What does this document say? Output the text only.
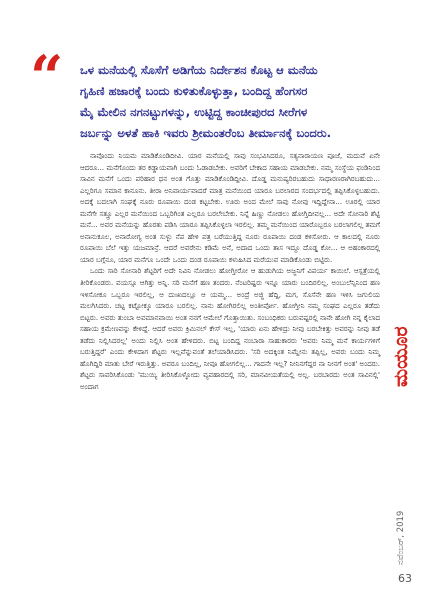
“ ಒಳ ಮನೆಯಲ್ಲಿ ಸೊಸೆಗೆ ಅಡಿಗೆಯ ನಿರ್ದೇಶನ ಕೊಟ್ಟ ಆ ಮನೆಯ

ಗೃಹಿಣಿ ಹಜಾರಕ್ಕೆ ಬಂದು ಕುಳಿತುಕೊಳ್ಳುತ್ತಾ, ಬಂದಿದ್ದ ಹೆಂಗಸರ

ಮೈ ಮೇಲಿನ ನಗನಟ್ಟುಗಳನ್ನು, ಉಟ್ಟಿದ್ದ ಕಾಂಚೀಪುರದ ಸೀರೆಗಳ

ಜರ್ಬನ್ನು ಅಳತೆ ಹಾಕಿ ಇವರು ಶ್ರೀಮಂತರೆಂಬ ತೀರ್ಮಾನಕ್ಕೆ ಬಂದರು.

ನಾವೊಂದು ನಿಯಮ ಮಾಡಿಕೊಂಡಿದೀವಿ. ಯಾರ ಮನೆಯಲ್ಲಿ ಸಾವು ಸಂಭವಿಸಿದರೂ, ಸತ್ಯನಾರಾಯಣ ಪೂಜೆ, ಮದುವೆ ಏನೇ ಆದರೂ... ಮನೆಗೊಂದು ತರ ಕಡ್ಡಾಯವಾಗಿ ಬಂದು ಓಡಾಡಬೇಕು. ಅವರಿಗೆ ಬೇಕಾದ ಸಹಾಯ ಮಾಡಬೇಕು. ನಮ್ಮ ಸಂಸ್ಥೆಯ ಫಂಡಿನಿಂದ ಸಾವಿನ ಮನೆಗೆ ಒಂದು ಪರಿಹಾರ ಧನ ಅಂತ ಗೊತ್ತು ಮಾಡಿಕೊಂಡಿದ್ದೀವಿ. ದೊಡ್ಡ ಮನುಷ್ಯರಿರಬಹುದು ಸಾಧಾರಣರಾಗಿರಬಹುದು... ಎಲ್ಲರಿಗೂ ಸಮಾನ ಕಾನೂನು. ತೀರಾ ಅನಿವಾರ್ಯವಾದರೆ ಮಾತ್ರ ಮನೆಯಿಂದ ಯಾರೂ ಬರಲಾರದ ಸಂದರ್ಭದಲ್ಲಿ ತಪ್ಪಿಸಿಕೊಳ್ಳಬಹುದು. ಅದಕ್ಕೆ ಬದಲಾಗಿ ಸಂಘಕ್ಕೆ ನೂರು ರೂಪಾಯಿ ದಂಡ ಕಟ್ಟಬೇಕು. ಊರು ಅಂದ ಮೇಲೆ ಸಾವು ನೋವು ಇದ್ದಿದ್ದೇನಾ... ಊರಲ್ಲಿ ಯಾರ ಮನೆಗೇ ಸತ್ತ್ರೂ ಎಲ್ಲರ ಮನೆಯಿಂದ ಒಬ್ಬರಿಗಿಂತ ಎಲ್ಲರೂ ಬರಲೇಬೇಕು. ನಿನ್ನೆ ಹಿಣ್ಣು ನೋಡಲು ಹೋಗ್ತಿದೀವಲ್ಲ... ಅದೇ ಸೋನಾರಿ ಶೆಟ್ಟಿ ಮನೆ... ಅವರ ಮನೆಯನ್ನು ಹೊರತು ಪಡಿಸಿ ಯಾರೂ ತಪ್ಪಿಸಿಕೊಳ್ಳಲಾ ಇರಲಿಲ್ಲ. ತಮ್ಮ ಮನೆಯಿಂದ ಯಾರೊಬ್ಬರೂ ಬರಲಾಗಲಿಲ್ಲ ತಮಗೆ ಅನಾನುಕೂಲ, ಅನಾರೋಗ್ಯ ಅಂತ ಸುಳ್ಳು ನೆಪ ಹೇಳಿ ಪತ್ರ ಬರೆಯುತ್ತಿದ್ದ ನೂರು ರೂಪಾಯಿ ದಂಡ ಕಳಿಸೋರು. ಆ ಕಾಲದಲ್ಲಿ ನೂರು ರೂಪಾಯಿ ಬೆಲೆ ಇತ್ತು ಯಜಮಾನ್ರೆ. ಆದರೆ ಅವರೇನು ಕಡಿಮೆ ಅನೆ, ಅದಾದ ಒಂದು ತಾಸ ಇದ್ದೂ ದೊಡ್ಡ ಕೋ... ಆ ಅಹಂಕಾರದಲ್ಲಿ ಯಾರ ಬಗ್ಗೆನೂ, ಯಾರ ಮನೆಗೂ ಒಂದೇ ಒಂದು ದಂಡ ರೂಪಾಯಿ ಕಳುಹಿಸಿದ ಮರೆಯುವ ಮಾಡಿಕೊಂಡು ಬಿಟ್ಟಿರು.

ಒಂದು ಸಾರಿ ಸೋನಾರಿ ಶೆಟ್ಟರಿಗೆ ಅದೇ ನಿವಿನಿ ನೋಡಲು ಹೋಗ್ತೀರೋ ಆ ಹುಡುಗಿಯ ಅಜ್ಜನಿಗೆ ವಿಪರ್ಯ ಕಾಯಿಲೆ. ಆಸ್ಪತ್ರೆಯಲ್ಲಿ ತೀರಿಕೊಂಡರು. ವಯಸ್ಸೂ ಆಗಿತ್ತು ಅನ್ನಿ. ಸರಿ ಮನೆಗೆ ಹಣ ತಂದರು. ನೆಂಟರಿಷ್ಟರು ಇನ್ನೂ ಯಾರು ಬಂದಿರಲಿಲ್ಲ. ಅಂಬುಲೆನ್ಸಿನಿಂದ ಹಣ ಇಳಿಸೋಕೂ ಒಬ್ಬರೂ ಇರಲಿಲ್ಲ, ಆ ದುಃಖದಲ್ಲೂ ಆ ಯಮ್ಮ... ಅಂದ್ರೆ ಅಜ್ಜಿ ಹೆದ್ದಿ, ಮಗ, ಸೊಸೆನೇ ಹಣ ಇಳಿಸಿ ಜಗುಲಿಯ ಮಲಗಿಸಿದರು. ಚಟ್ಟ ಕಟ್ಟೋಕ್ಕೂ ಯಾರೂ ಬರಲಿಲ್ಲ. ನಾನು ಹೋಗಿರಲಿಲ್ಲ ಅಂತೀರ್ಪೋ. ಹೋಗ್ತೀನಿ ನಮ್ಮ ಸಂಘದ ಎಲ್ಲರೂ ತಡೆದು ಬಿಟ್ಟರು. ಅವರು ತುಂಬಾ ಅವಮಾನವಾಯಿ ಅಂತ ನನಗೆ ಆಮೇಲೆ ಗೊತ್ತಾಯಿತು. ಸಂಬಂಧಿಕರು ಬರುವಷ್ಟರಲ್ಲಿ ನಾನೇ ಹೋಗಿ ನನ್ನ ಕೈಲಾದ ಸಹಾಯ ಕ್ರಮೇಣವನ್ನು ಕೇಳಿದ್ದೆ. ಆದರೆ ಅವರು ಕ್ರಿಮಿನಲ್ ಕೇಸ್ ಇಲ್ಲ, 'ಯಾರು ಏನು ಹೇಳಿದ್ರು ನೀವು ಬರಬೇಕಿತ್ತು ಅವರನ್ನು ನೀವು ತಡೆ ತಡೆದು ನಿಲ್ಲಿಸಿದರಲ್ಲ' ಅಂದು ನಿಲ್ಲಿಸಿ ಅಂತ ಹೇಳಿದರು. ಬಿಟ್ಟ ಬಂದಿದ್ದ ನಂಬಾರಾ ಸಾಹುಕಾರರು 'ಅವರು ನಿಮ್ಮ ಮನೆ ಕಾರ್ಯಗಳಿಗೆ ಬರುತ್ತಿದ್ದರೆ' ಎಂದು ಕೇಳಿದಾಗ ಶೆಟ್ಟರು ಇಲ್ಲವೆನ್ನುವಂತೆ ತಲೆಯಾಡಿಸಿದರು. 'ಸರಿ ಅದಕ್ಕಿಂತ ನಿಮ್ದೇನು ತಪ್ಪಿಲ್ಲ, ಅವರು ಬಂದು ನಿಮ್ಮ ಹೊಗಿದ್ದಿರಿ ಮಾತು ಬೇರೆ ಇರುತ್ತಿತ್ತು. ಅವರೂ ಬಂದಿಲ್ಲ, ನೀವೂ ಹೋಗಲಿಲ್ಲ... ಗಾದನೇ ಇಲ್ಲ? ನೀನಿನಗೆದ್ದರ ನಾ ನೀನಗೆ ಅಂತ' ಅಂದರು. ಶೆಟ್ಟರು ಸಾವರಿಸಿಕೊಂಡು 'ಮುಯ್ಯಿ ತೀರಿಸಿಕೊಳ್ಳೋದು ವ್ಯವಹಾರದಲ್ಲಿ ಸರಿ, ಮಾನವೀಯತೆಯಲ್ಲಿ ಅಲ್ಲ. ಬರಬಾರದು ಅಂತ ಸಾವಿನಲ್ಲಿ' ಅಂದಾಗ

ನವೆಂಬರ್, 2019
ಮಯೂರ
63
